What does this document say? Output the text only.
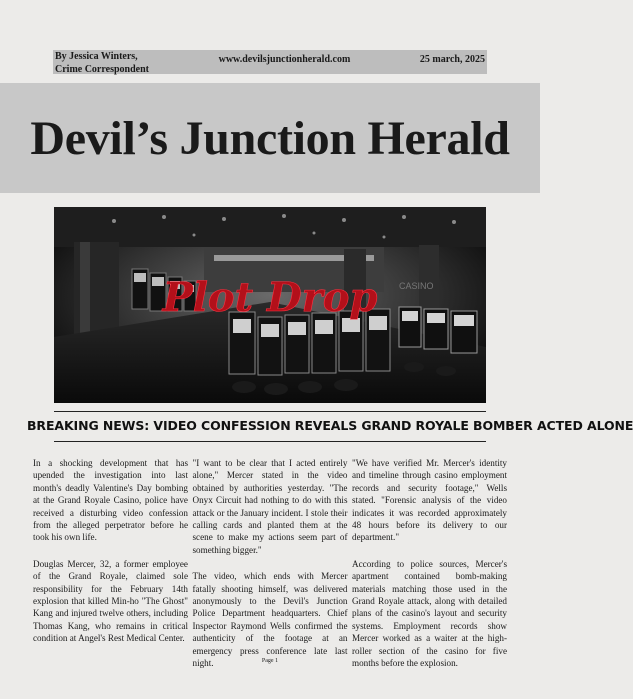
By Jessica Winters,
Crime Correspondent
www.devilsjunctionherald.com	25 march, 2025
Devil’s Junction Herald
CASINO
Plot Drop
BREAKING NEWS: VIDEO CONFESSION REVEALS GRAND ROYALE BOMBER ACTED ALONE

In a shocking development that has upended the investigation into last month's deadly Valentine's Day bombing at the Grand Royale Casino, police have received a disturbing video confession from the alleged perpetrator before he took his own life.

Douglas Mercer, 32, a former employee of the Grand Royale, claimed sole responsibility for the February 14th explosion that killed Min-ho "The Ghost" Kang and injured twelve others, including Thomas Kang, who remains in critical condition at Angel's Rest Medical Center.

"I want to be clear that I acted entirely alone," Mercer stated in the video obtained by authorities yesterday. "The Onyx Circuit had nothing to do with this attack or the January incident. I stole their calling cards and planted them at the scene to make my actions seem part of something bigger."

The video, which ends with Mercer fatally shooting himself, was delivered anonymously to the Devil's Junction Police Department headquarters. Chief Inspector Raymond Wells confirmed the authenticity of the footage at an emergency press conference late last night.

"We have verified Mr. Mercer's identity and timeline through casino employment records and security footage," Wells stated. "Forensic analysis of the video indicates it was recorded approximately 48 hours before its delivery to our department."

According to police sources, Mercer's apartment contained bomb-making materials matching those used in the Grand Royale attack, along with detailed plans of the casino's layout and security systems. Employment records show Mercer worked as a waiter at the high-roller section of the casino for five months before the explosion.

Page 1
